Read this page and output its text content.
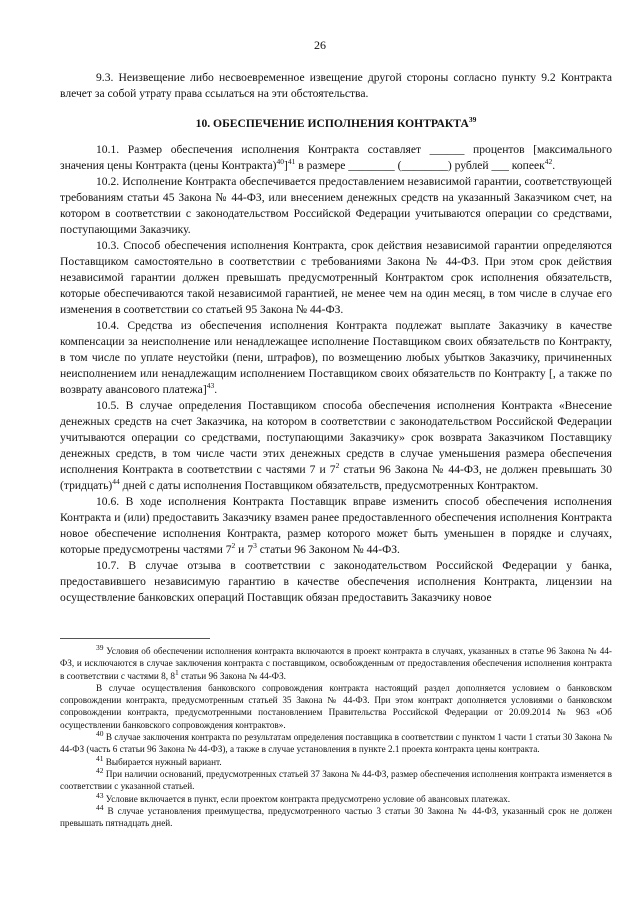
26

9.3. Неизвещение либо несвоевременное извещение другой стороны согласно пункту 9.2 Контракта влечет за собой утрату права ссылаться на эти обстоятельства.

10. ОБЕСПЕЧЕНИЕ ИСПОЛНЕНИЯ КОНТРАКТА$^{39}$

10.1. Размер обеспечения исполнения Контракта составляет ______ процентов [максимального значения цены Контракта (цены Контракта)$^{40}$]$^{41}$ в размере ________ (________) рублей ___ копеек$^{42}$.

10.2. Исполнение Контракта обеспечивается предоставлением независимой гарантии, соответствующей требованиям статьи 45 Закона № 44-ФЗ, или внесением денежных средств на указанный Заказчиком счет, на котором в соответствии с законодательством Российской Федерации учитываются операции со средствами, поступающими Заказчику.

10.3. Способ обеспечения исполнения Контракта, срок действия независимой гарантии определяются Поставщиком самостоятельно в соответствии с требованиями Закона № 44-ФЗ. При этом срок действия независимой гарантии должен превышать предусмотренный Контрактом срок исполнения обязательств, которые обеспечиваются такой независимой гарантией, не менее чем на один месяц, в том числе в случае его изменения в соответствии со статьей 95 Закона № 44-ФЗ.

10.4. Средства из обеспечения исполнения Контракта подлежат выплате Заказчику в качестве компенсации за неисполнение или ненадлежащее исполнение Поставщиком своих обязательств по Контракту, в том числе по уплате неустойки (пени, штрафов), по возмещению любых убытков Заказчику, причиненных неисполнением или ненадлежащим исполнением Поставщиком своих обязательств по Контракту [, а также по возврату авансового платежа]$^{43}$.

10.5. В случае определения Поставщиком способа обеспечения исполнения Контракта «Внесение денежных средств на счет Заказчика, на котором в соответствии с законодательством Российской Федерации учитываются операции со средствами, поступающими Заказчику» срок возврата Заказчиком Поставщику денежных средств, в том числе части этих денежных средств в случае уменьшения размера обеспечения исполнения Контракта в соответствии с частями 7 и $7^2$ статьи 96 Закона № 44-ФЗ, не должен превышать 30 (тридцать)$^{44}$ дней с даты исполнения Поставщиком обязательств, предусмотренных Контрактом.

10.6. В ходе исполнения Контракта Поставщик вправе изменить способ обеспечения исполнения Контракта и (или) предоставить Заказчику взамен ранее предоставленного обеспечения исполнения Контракта новое обеспечение исполнения Контракта, размер которого может быть уменьшен в порядке и случаях, которые предусмотрены частями $7^2$ и $7^3$ статьи 96 Законом № 44-ФЗ.

10.7. В случае отзыва в соответствии с законодательством Российской Федерации у банка, предоставившего независимую гарантию в качестве обеспечения исполнения Контракта, лицензии на осуществление банковских операций Поставщик обязан предоставить Заказчику новое

$^{39}$ Условия об обеспечении исполнения контракта включаются в проект контракта в случаях, указанных в статье 96 Закона № 44-ФЗ, и исключаются в случае заключения контракта с поставщиком, освобожденным от предоставления обеспечения исполнения контракта в соответствии с частями 8, $8^1$ статьи 96 Закона № 44-ФЗ.

В случае осуществления банковского сопровождения контракта настоящий раздел дополняется условием о банковском сопровождении контракта, предусмотренным статьей 35 Закона № 44-ФЗ. При этом контракт дополняется условиями о банковском сопровождении контракта, предусмотренными постановлением Правительства Российской Федерации от 20.09.2014 № 963 «Об осуществлении банковского сопровождения контрактов».

$^{40}$ В случае заключения контракта по результатам определения поставщика в соответствии с пунктом 1 части 1 статьи 30 Закона № 44-ФЗ (часть 6 статьи 96 Закона № 44-ФЗ), а также в случае установления в пункте 2.1 проекта контракта цены контракта.

$^{41}$ Выбирается нужный вариант.

$^{42}$ При наличии оснований, предусмотренных статьей 37 Закона № 44-ФЗ, размер обеспечения исполнения контракта изменяется в соответствии с указанной статьей.

$^{43}$ Условие включается в пункт, если проектом контракта предусмотрено условие об авансовых платежах.

$^{44}$ В случае установления преимущества, предусмотренного частью 3 статьи 30 Закона № 44-ФЗ, указанный срок не должен превышать пятнадцать дней.
